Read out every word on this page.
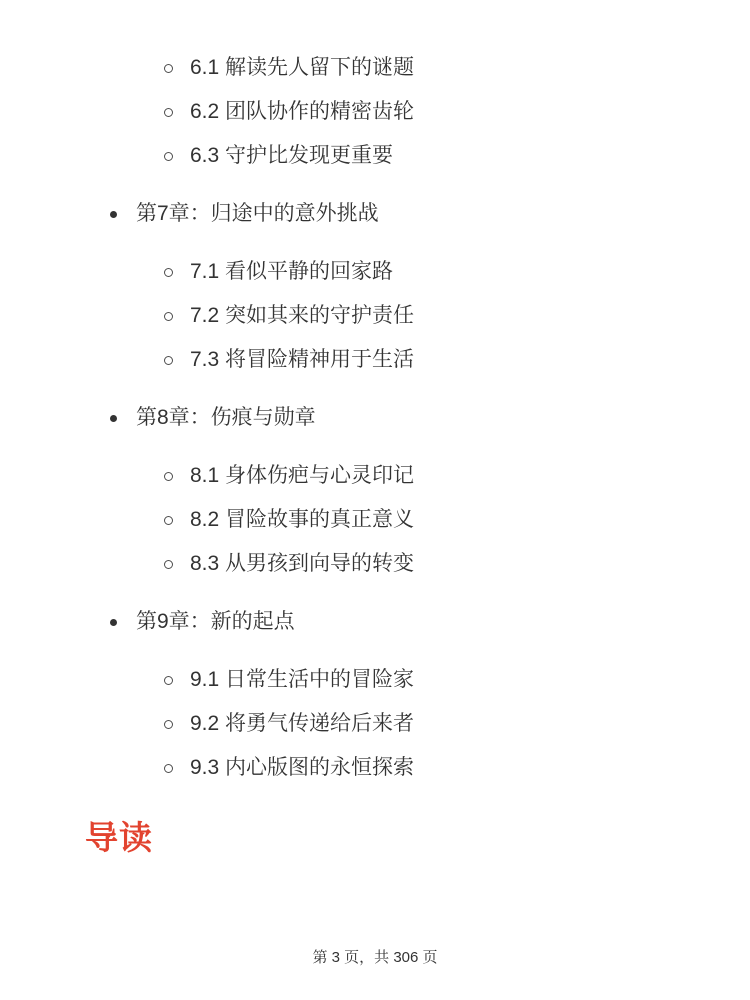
6.1 解读先人留下的谜题
6.2 团队协作的精密齿轮
6.3 守护比发现更重要
第7章：归途中的意外挑战
7.1 看似平静的回家路
7.2 突如其来的守护责任
7.3 将冒险精神用于生活
第8章：伤痕与勋章
8.1 身体伤疤与心灵印记
8.2 冒险故事的真正意义
8.3 从男孩到向导的转变
第9章：新的起点
9.1 日常生活中的冒险家
9.2 将勇气传递给后来者
9.3 内心版图的永恒探索
导读
第 3 页，共 306 页
